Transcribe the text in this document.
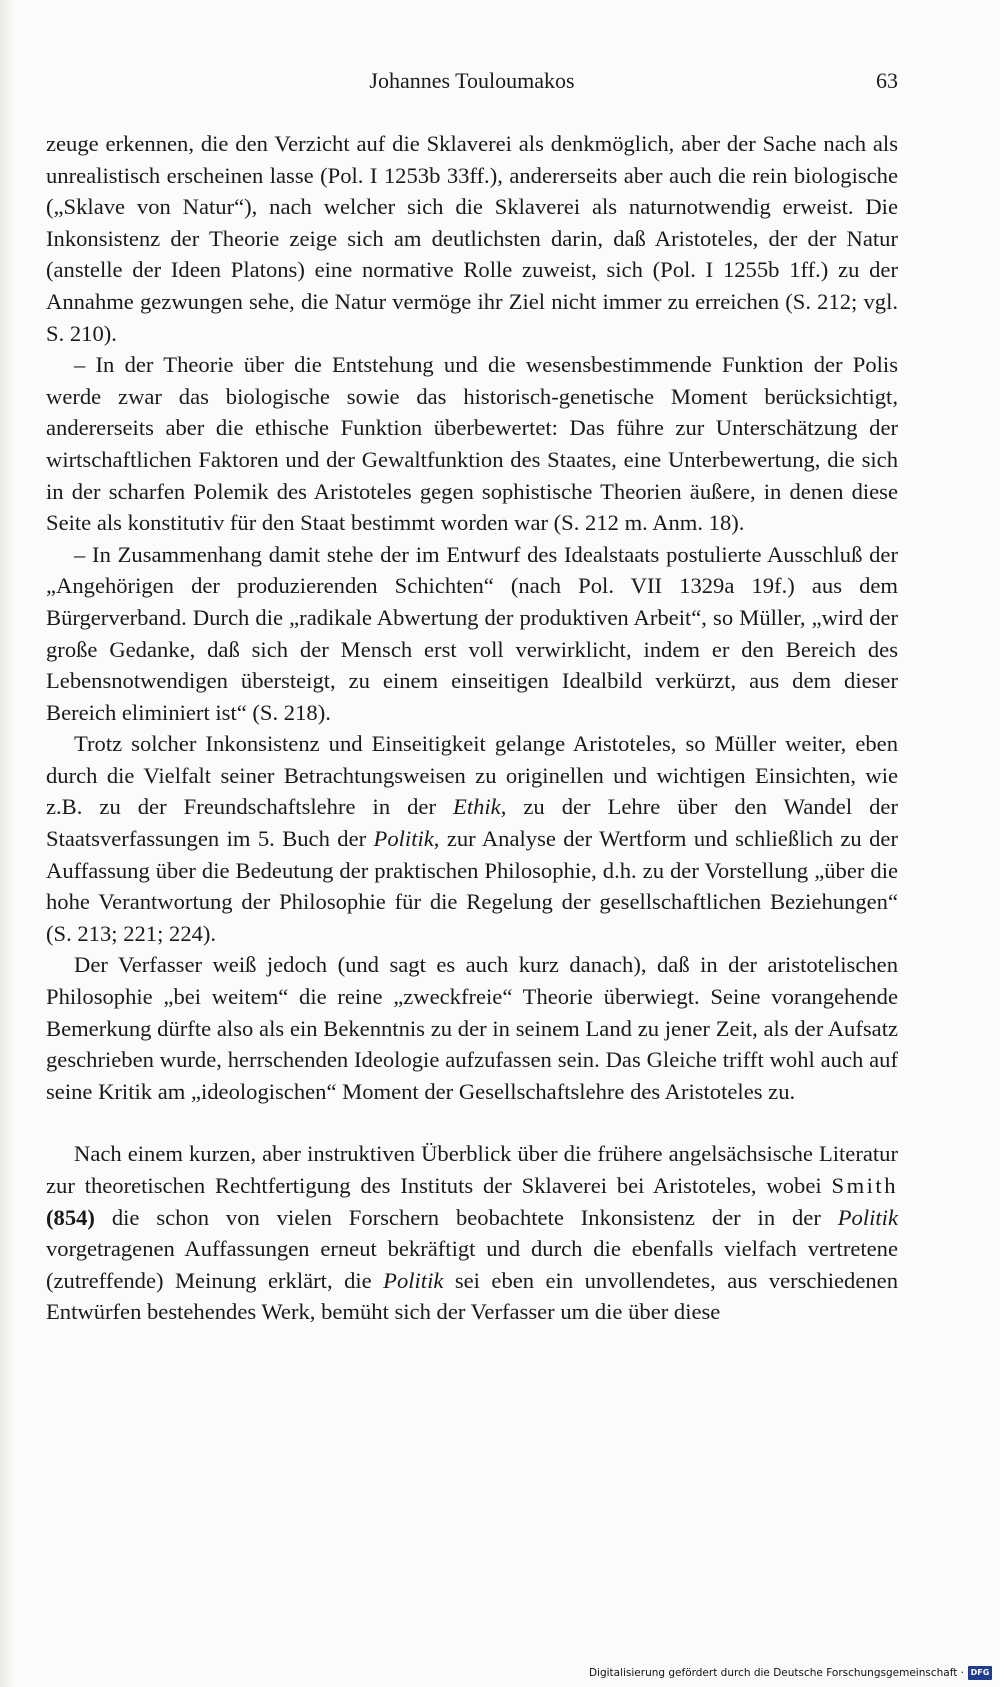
Johannes Touloumakos	63

zeuge erkennen, die den Verzicht auf die Sklaverei als denkmöglich, aber der Sache nach als unrealistisch erscheinen lasse (Pol. I 1253b 33ff.), andererseits aber auch die rein biologische („Sklave von Natur“), nach welcher sich die Sklaverei als naturnotwendig erweist. Die Inkonsistenz der Theorie zeige sich am deutlichsten darin, daß Aristoteles, der der Natur (anstelle der Ideen Platons) eine normative Rolle zuweist, sich (Pol. I 1255b 1ff.) zu der Annahme gezwungen sehe, die Natur vermöge ihr Ziel nicht immer zu erreichen (S. 212; vgl. S. 210).

– In der Theorie über die Entstehung und die wesensbestimmende Funktion der Polis werde zwar das biologische sowie das historisch-genetische Moment berücksichtigt, andererseits aber die ethische Funktion überbewertet: Das führe zur Unterschätzung der wirtschaftlichen Faktoren und der Gewaltfunktion des Staates, eine Unterbewertung, die sich in der scharfen Polemik des Aristoteles gegen sophistische Theorien äußere, in denen diese Seite als konstitutiv für den Staat bestimmt worden war (S. 212 m. Anm. 18).

– In Zusammenhang damit stehe der im Entwurf des Idealstaats postulierte Ausschluß der „Angehörigen der produzierenden Schichten“ (nach Pol. VII 1329a 19f.) aus dem Bürgerverband. Durch die „radikale Abwertung der produktiven Arbeit“, so Müller, „wird der große Gedanke, daß sich der Mensch erst voll verwirklicht, indem er den Bereich des Lebensnotwendigen übersteigt, zu einem einseitigen Idealbild verkürzt, aus dem dieser Bereich eliminiert ist“ (S. 218).

Trotz solcher Inkonsistenz und Einseitigkeit gelange Aristoteles, so Müller weiter, eben durch die Vielfalt seiner Betrachtungsweisen zu originellen und wichtigen Einsichten, wie z.B. zu der Freundschaftslehre in der Ethik, zu der Lehre über den Wandel der Staatsverfassungen im 5. Buch der Politik, zur Analyse der Wertform und schließlich zu der Auffassung über die Bedeutung der praktischen Philosophie, d.h. zu der Vorstellung „über die hohe Verantwortung der Philosophie für die Regelung der gesellschaftlichen Beziehungen“ (S. 213; 221; 224).

Der Verfasser weiß jedoch (und sagt es auch kurz danach), daß in der aristotelischen Philosophie „bei weitem“ die reine „zweckfreie“ Theorie überwiegt. Seine vorangehende Bemerkung dürfte also als ein Bekenntnis zu der in seinem Land zu jener Zeit, als der Aufsatz geschrieben wurde, herrschenden Ideologie aufzufassen sein. Das Gleiche trifft wohl auch auf seine Kritik am „ideologischen“ Moment der Gesellschaftslehre des Aristoteles zu.

Nach einem kurzen, aber instruktiven Überblick über die frühere angelsächsische Literatur zur theoretischen Rechtfertigung des Instituts der Sklaverei bei Aristoteles, wobei Smith (854) die schon von vielen Forschern beobachtete Inkonsistenz der in der Politik vorgetragenen Auffassungen erneut bekräftigt und durch die ebenfalls vielfach vertretene (zutreffende) Meinung erklärt, die Politik sei eben ein unvollendetes, aus verschiedenen Entwürfen bestehendes Werk, bemüht sich der Verfasser um die über diese

Digitalisierung gefördert durch die Deutsche Forschungsgemeinschaft · DFG
